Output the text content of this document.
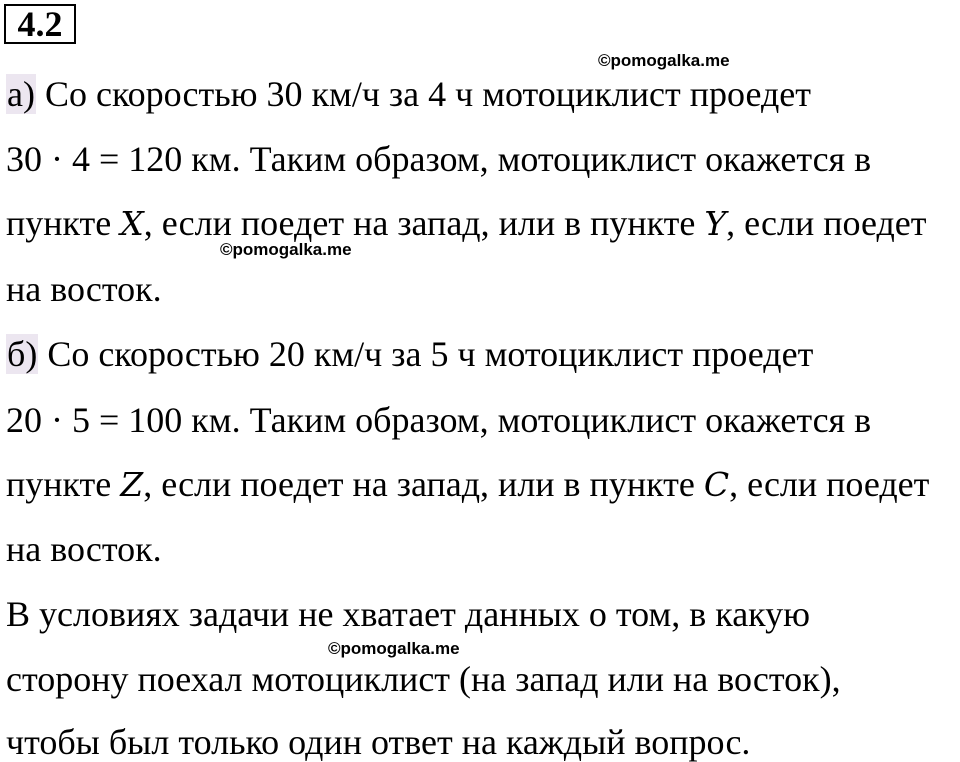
4.2
©pomogalka.me
а) Со скоростью 30 км/ч за 4 ч мотоциклист проедет
30 · 4 = 120 км. Таким образом, мотоциклист окажется в
пункте X, если поедет на запад, или в пункте Y, если поедет
©pomogalka.me
на восток.
б) Со скоростью 20 км/ч за 5 ч мотоциклист проедет
20 · 5 = 100 км. Таким образом, мотоциклист окажется в
пункте Z, если поедет на запад, или в пункте C, если поедет
на восток.
В условиях задачи не хватает данных о том, в какую
©pomogalka.me
сторону поехал мотоциклист (на запад или на восток),
чтобы был только один ответ на каждый вопрос.
